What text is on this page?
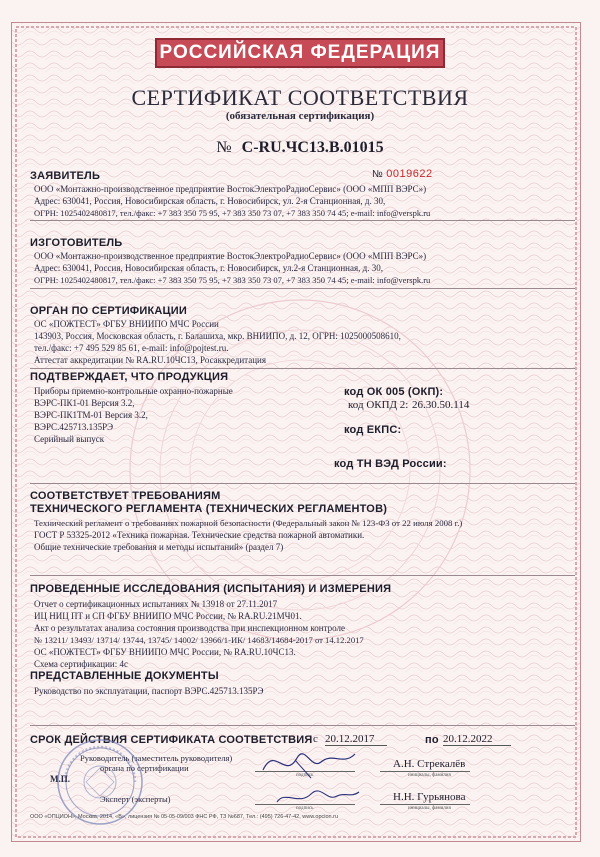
РОССИЙСКАЯ ФЕДЕРАЦИЯ
СЕРТИФИКАТ СООТВЕТСТВИЯ
(обязательная сертификация)
№ С-RU.ЧС13.В.01015
ЗАЯВИТЕЛЬ	№ 0019622
ООО «Монтажно-производственное предприятие ВостокЭлектроРадиоСервис» (ООО «МПП ВЭРС»)
Адрес: 630041, Россия, Новосибирская область, г. Новосибирск, ул. 2-я Станционная, д. 30,
ОГРН: 1025402480817, тел./факс: +7 383 350 75 95, +7 383 350 73 07, +7 383 350 74 45; e-mail: info@verspk.ru
ИЗГОТОВИТЕЛЬ
ООО «Монтажно-производственное предприятие ВостокЭлектроРадиоСервис» (ООО «МПП ВЭРС»)
Адрес: 630041, Россия, Новосибирская область, г. Новосибирск, ул.2-я Станционная, д. 30,
ОГРН: 1025402480817, тел./факс: +7 383 350 75 95, +7 383 350 73 07, +7 383 350 74 45; e-mail: info@verspk.ru
ОРГАН ПО СЕРТИФИКАЦИИ
ОС «ПОЖТЕСТ» ФГБУ ВНИИПО МЧС России
143903, Россия, Московская область, г. Балашиха, мкр. ВНИИПО, д. 12, ОГРН: 1025000508610,
тел./факс: +7 495 529 85 61, e-mail: info@pojtest.ru.
Аттестат аккредитации № RA.RU.10ЧС13, Росаккредитация
ПОДТВЕРЖДАЕТ, ЧТО ПРОДУКЦИЯ
Приборы приемно-контрольные охранно-пожарные
ВЭРС-ПК1-01 Версия 3.2,
ВЭРС-ПК1ТМ-01 Версия 3.2,
ВЭРС.425713.135РЭ
Серийный выпуск
код ОК 005 (ОКП):
код ОКПД 2: 26.30.50.114
код ЕКПС:
код ТН ВЭД России:
СООТВЕТСТВУЕТ ТРЕБОВАНИЯМ
ТЕХНИЧЕСКОГО РЕГЛАМЕНТА (ТЕХНИЧЕСКИХ РЕГЛАМЕНТОВ)
Технический регламент о требованиях пожарной безопасности (Федеральный закон № 123-ФЗ от 22 июля 2008 г.)
ГОСТ Р 53325-2012 «Техника пожарная. Технические средства пожарной автоматики.
Общие технические требования и методы испытаний» (раздел 7)
ПРОВЕДЕННЫЕ ИССЛЕДОВАНИЯ (ИСПЫТАНИЯ) И ИЗМЕРЕНИЯ
Отчет о сертификационных испытаниях № 13918 от 27.11.2017
ИЦ НИЦ ПТ и СП ФГБУ ВНИИПО МЧС России, № RA.RU.21МЧ01.
Акт о результатах анализа состояния производства при инспекционном контроле
№ 13211/ 13493/ 13714/ 13744, 13745/ 14002/ 13966/1-ИК/ 14683/14684-2017 от 14.12.2017
ОС «ПОЖТЕСТ» ФГБУ ВНИИПО МЧС России, № RA.RU.10ЧС13.
Схема сертификации: 4с
ПРЕДСТАВЛЕННЫЕ ДОКУМЕНТЫ
Руководство по эксплуатации, паспорт ВЭРС.425713.135РЭ
СРОК ДЕЙСТВИЯ СЕРТИФИКАТА СООТВЕТСТВИЯ с 20.12.2017	по 20.12.2022
Руководитель (заместитель руководителя)
органа по сертификации
М.П.	подпись
А.Н. Стрекалёв
инициалы, фамилия
Эксперт (эксперты)
подпись
Н.Н. Гурьянова
инициалы, фамилия
ООО «ОПЦИОН», Москва, 2014, «В», лицензия № 05-05-09/003 ФНС РФ, ТЗ №687, Тел.: (495) 726-47-42, www.opcion.ru
